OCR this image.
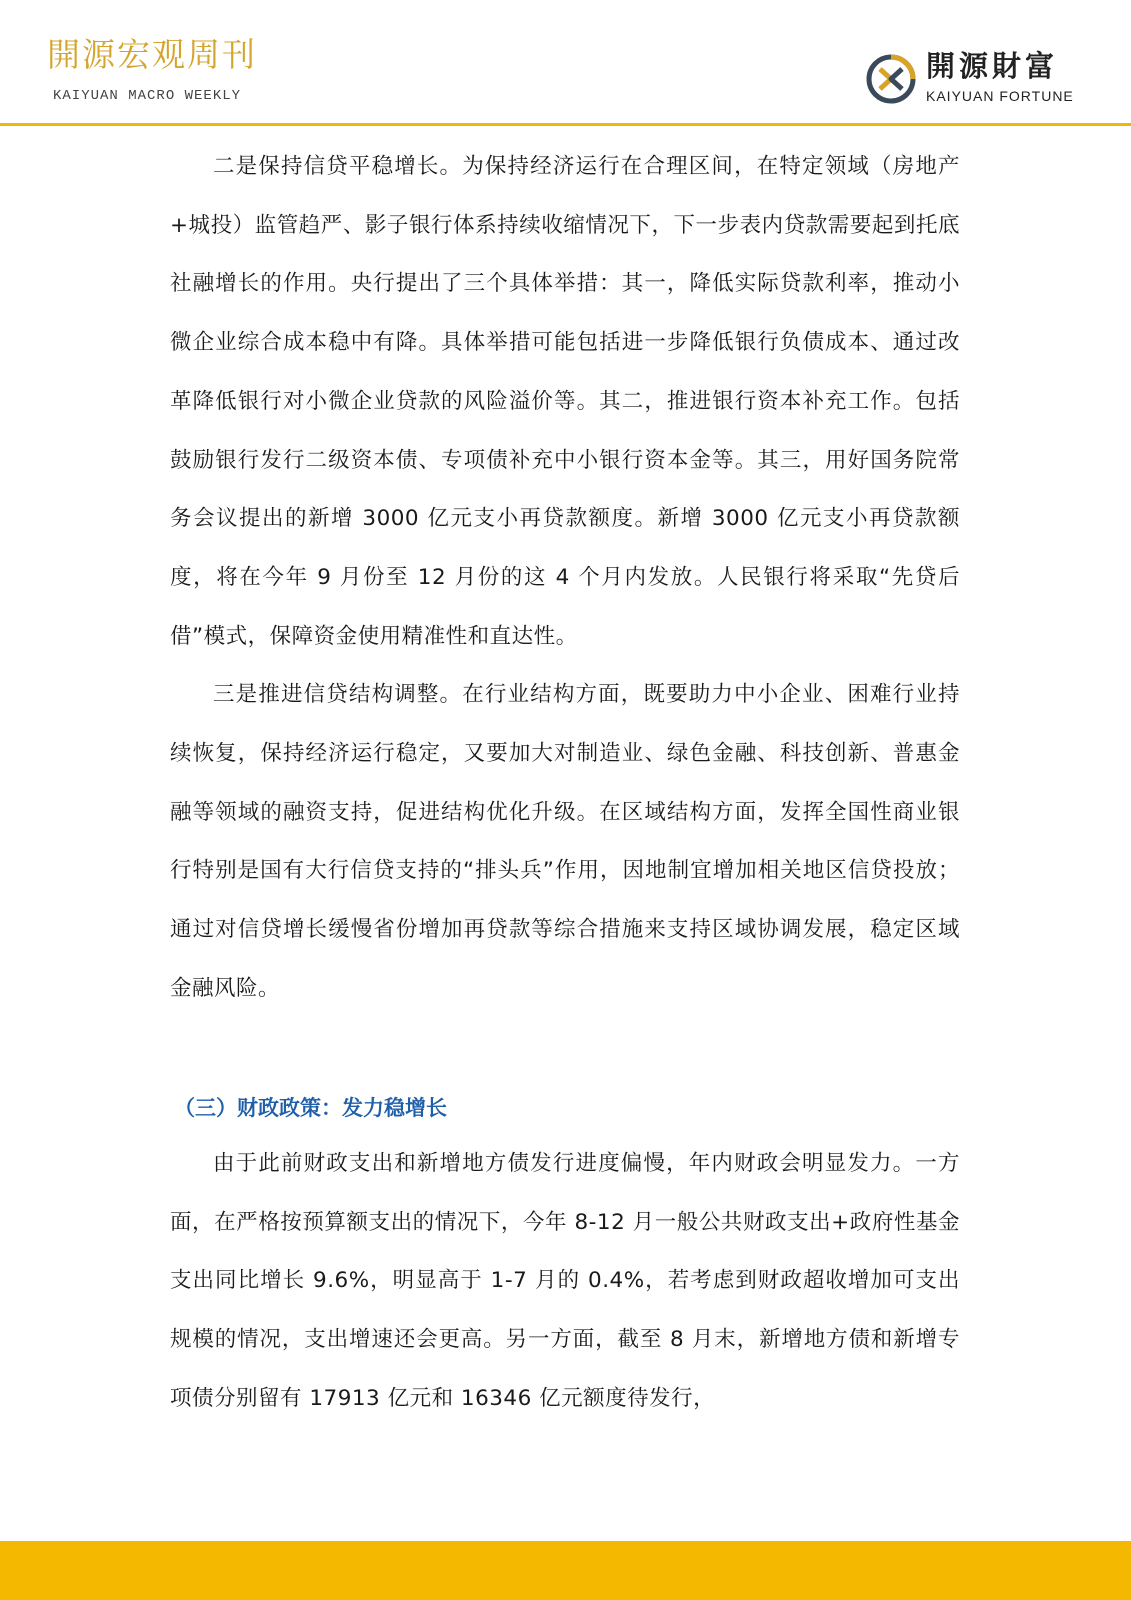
開源宏观周刊
KAIYUAN MACRO WEEKLY
開源財富
KAIYUAN FORTUNE

二是保持信贷平稳增长。为保持经济运行在合理区间，在特定领域（房地产+城投）监管趋严、影子银行体系持续收缩情况下，下一步表内贷款需要起到托底社融增长的作用。央行提出了三个具体举措：其一，降低实际贷款利率，推动小微企业综合成本稳中有降。具体举措可能包括进一步降低银行负债成本、通过改革降低银行对小微企业贷款的风险溢价等。其二，推进银行资本补充工作。包括鼓励银行发行二级资本债、专项债补充中小银行资本金等。其三，用好国务院常务会议提出的新增 3000 亿元支小再贷款额度。新增 3000 亿元支小再贷款额度，将在今年 9 月份至 12 月份的这 4 个月内发放。人民银行将采取“先贷后借”模式，保障资金使用精准性和直达性。

三是推进信贷结构调整。在行业结构方面，既要助力中小企业、困难行业持续恢复，保持经济运行稳定，又要加大对制造业、绿色金融、科技创新、普惠金融等领域的融资支持，促进结构优化升级。在区域结构方面，发挥全国性商业银行特别是国有大行信贷支持的“排头兵”作用，因地制宜增加相关地区信贷投放；通过对信贷增长缓慢省份增加再贷款等综合措施来支持区域协调发展，稳定区域金融风险。

（三）财政政策：发力稳增长

由于此前财政支出和新增地方债发行进度偏慢，年内财政会明显发力。一方面，在严格按预算额支出的情况下，今年 8-12 月一般公共财政支出+政府性基金支出同比增长 9.6%，明显高于 1-7 月的 0.4%，若考虑到财政超收增加可支出规模的情况，支出增速还会更高。另一方面，截至 8 月末，新增地方债和新增专项债分别留有 17913 亿元和 16346 亿元额度待发行，
